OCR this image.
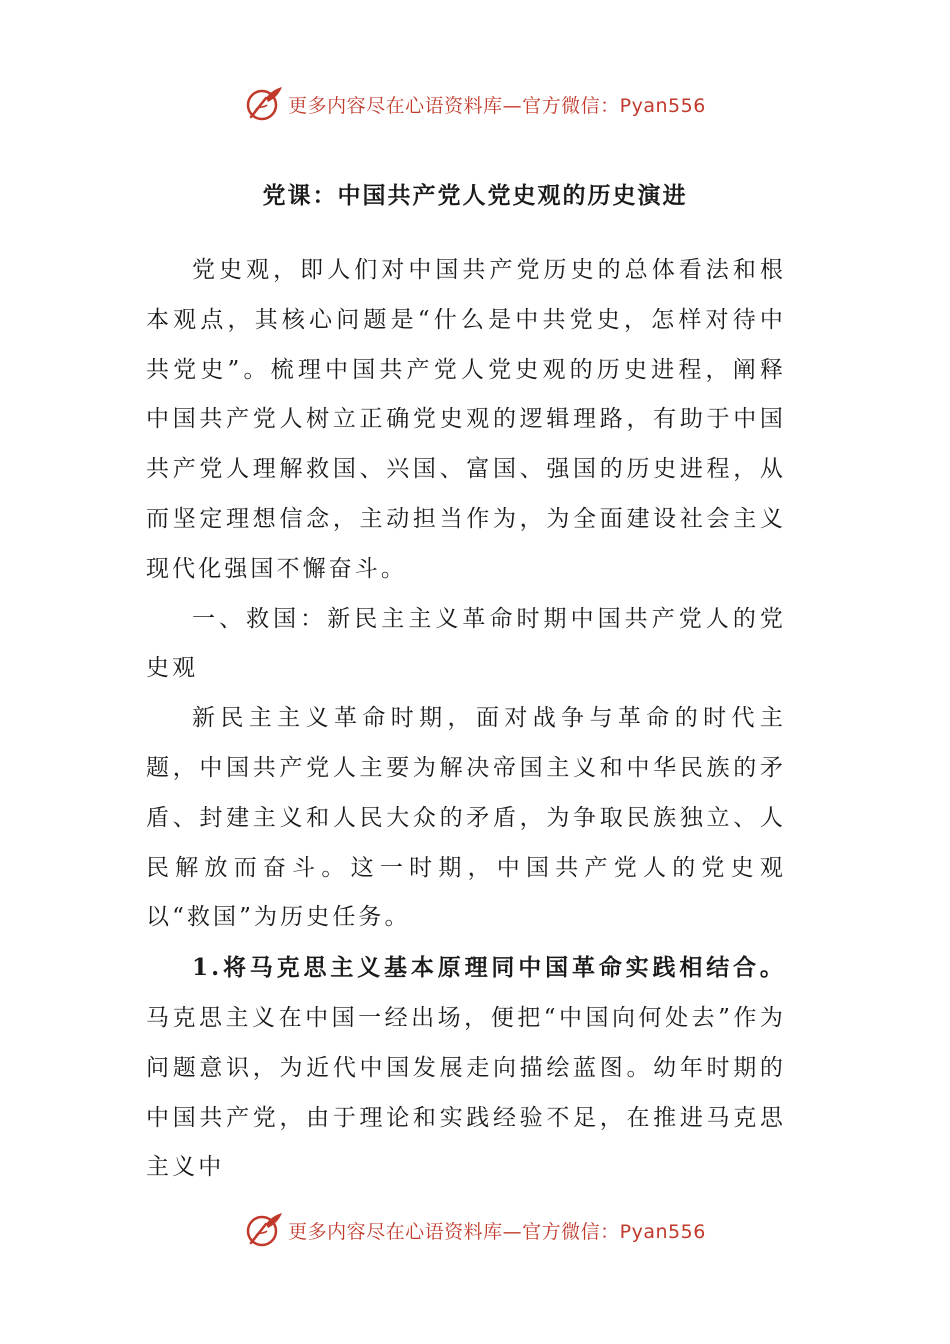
更多内容尽在心语资料库—官方微信：Pyan556
党课：中国共产党人党史观的历史演进

党史观，即人们对中国共产党历史的总体看法和根本观点，其核心问题是“什么是中共党史，怎样对待中共党史”。梳理中国共产党人党史观的历史进程，阐释中国共产党人树立正确党史观的逻辑理路，有助于中国共产党人理解救国、兴国、富国、强国的历史进程，从而坚定理想信念，主动担当作为，为全面建设社会主义现代化强国不懈奋斗。

一、救国：新民主主义革命时期中国共产党人的党史观

新民主主义革命时期，面对战争与革命的时代主题，中国共产党人主要为解决帝国主义和中华民族的矛盾、封建主义和人民大众的矛盾，为争取民族独立、人民解放而奋斗。这一时期，中国共产党人的党史观以“救国”为历史任务。

1.将马克思主义基本原理同中国革命实践相结合。马克思主义在中国一经出场，便把“中国向何处去”作为问题意识，为近代中国发展走向描绘蓝图。幼年时期的中国共产党，由于理论和实践经验不足，在推进马克思主义中

更多内容尽在心语资料库—官方微信：Pyan556
